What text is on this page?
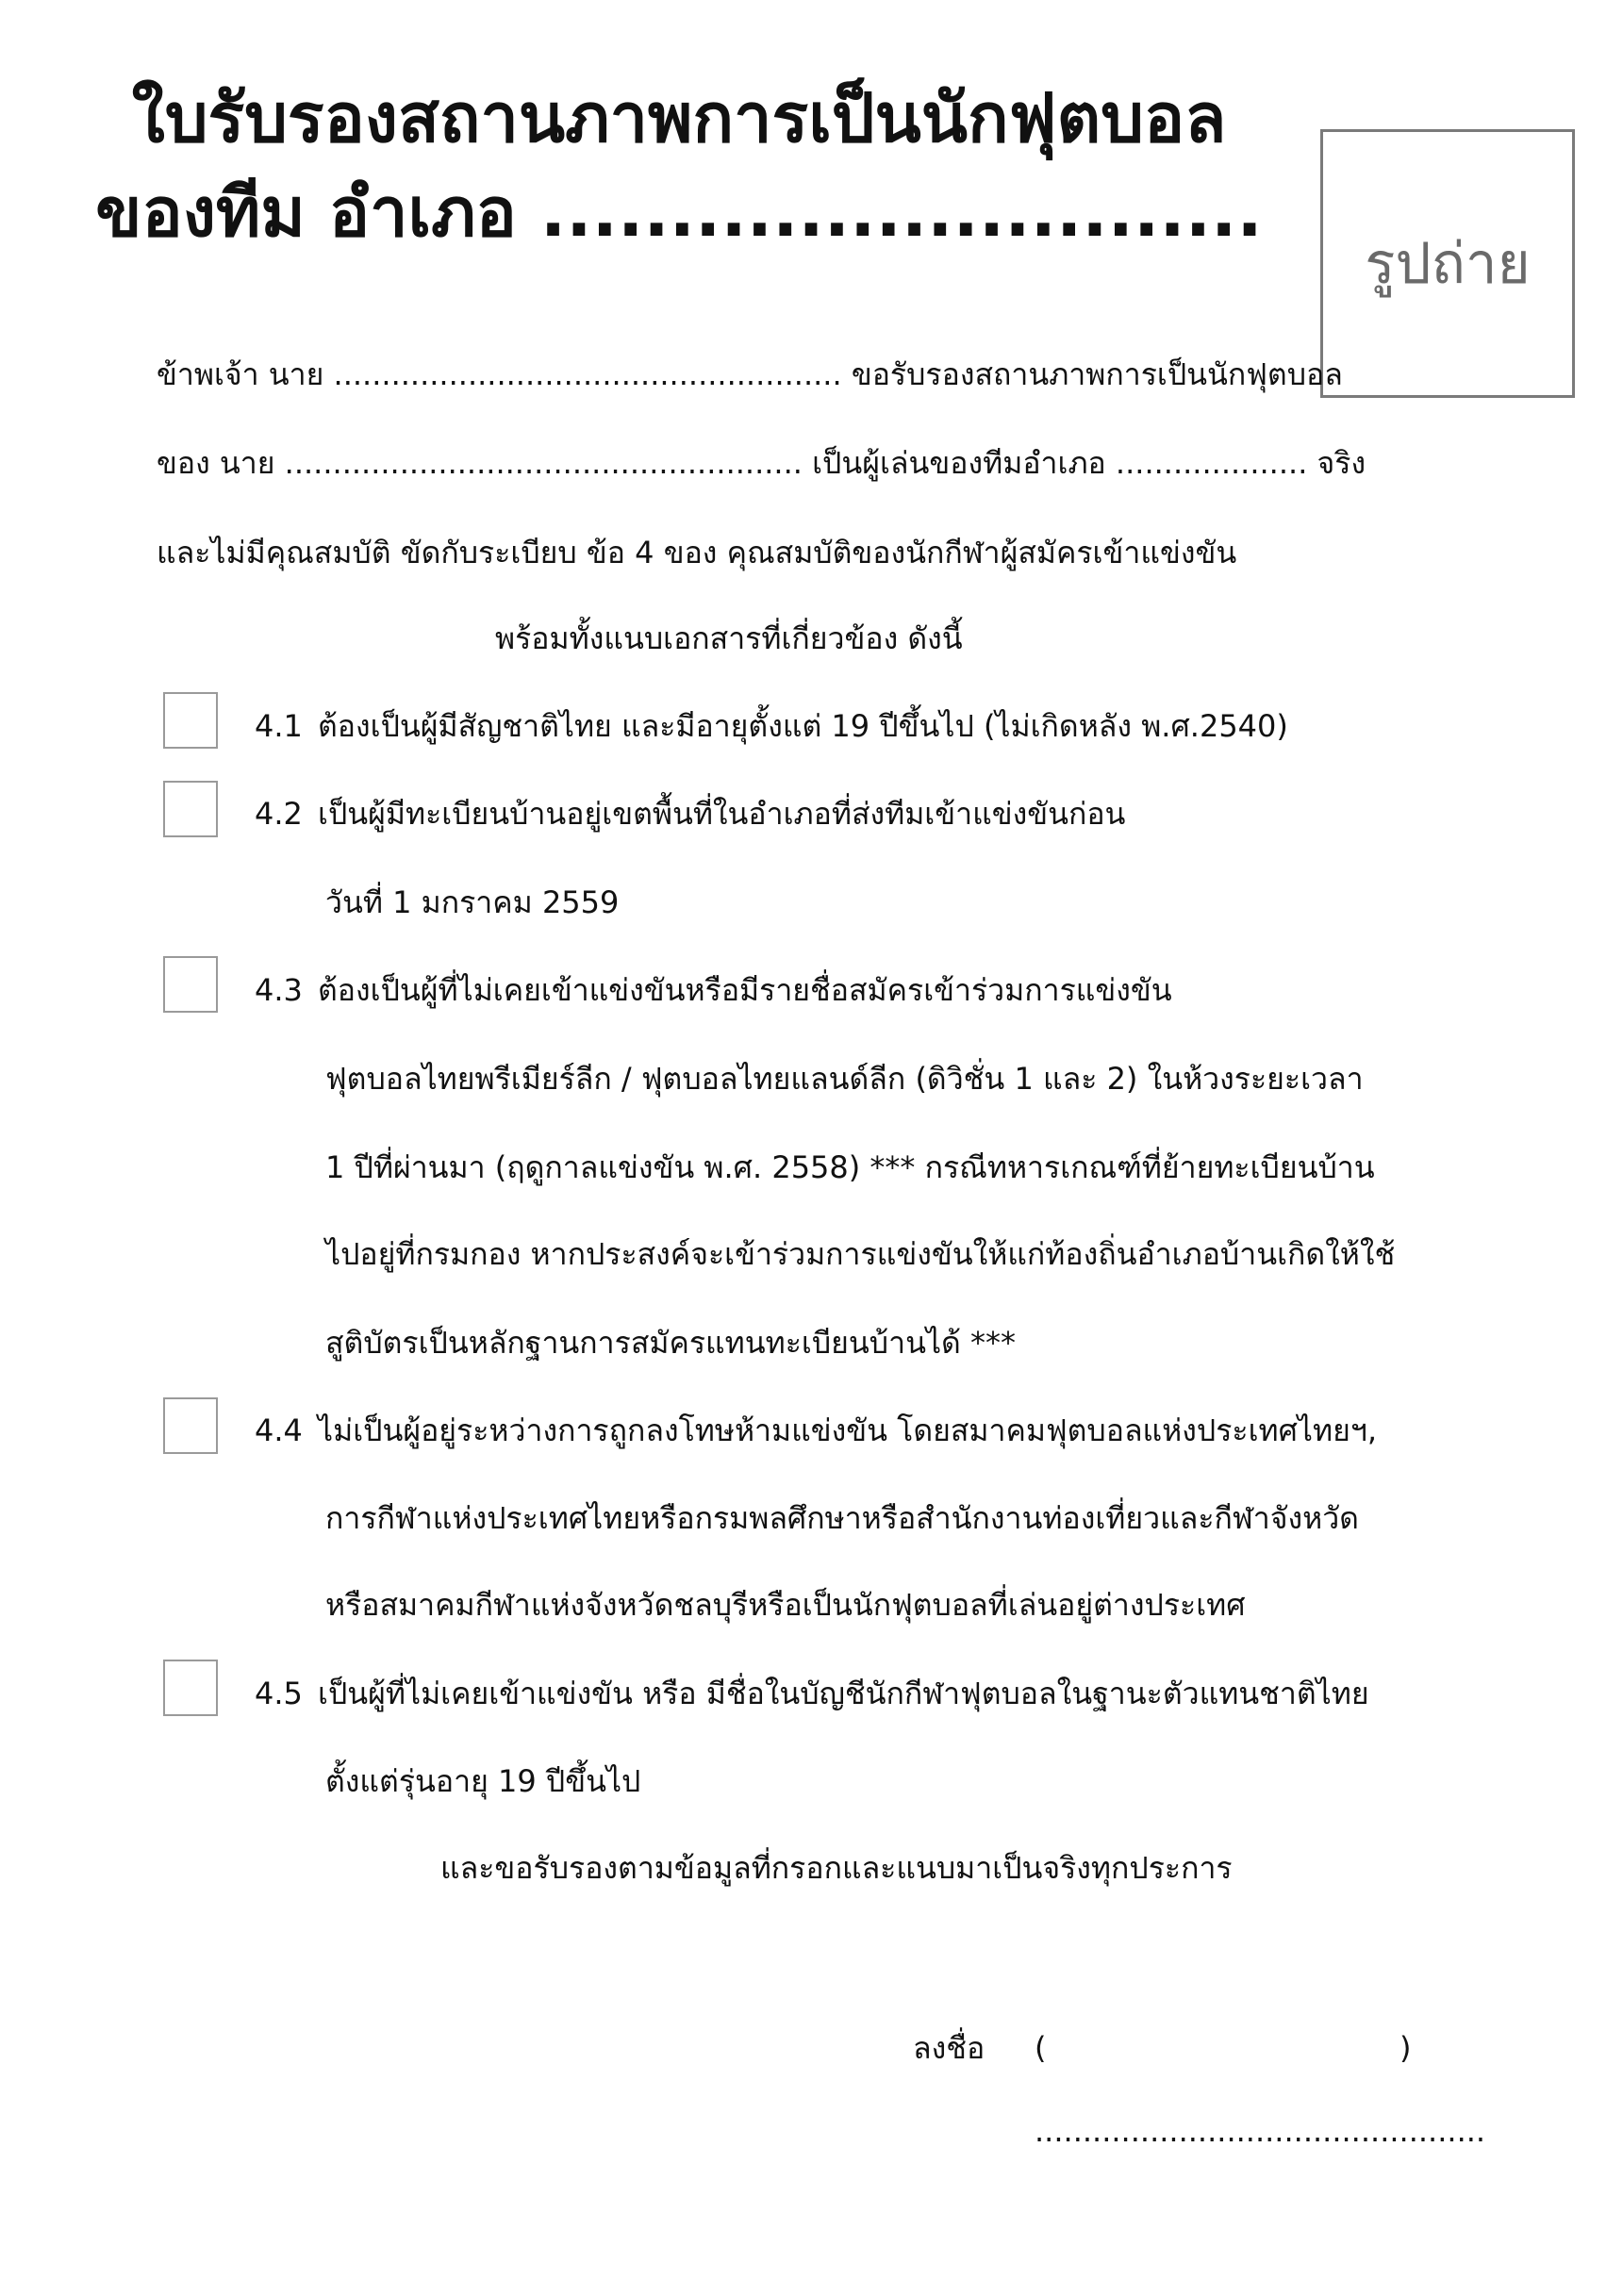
ใบรับรองสถานภาพการเป็นนักฟุตบอล
ของทีม อำเภอ ............................
รูปถ่าย
ข้าพเจ้า นาย ..................................................... ขอรับรองสถานภาพการเป็นนักฟุตบอล
ของ นาย ...................................................... เป็นผู้เล่นของทีมอำเภอ .................... จริง
และไม่มีคุณสมบัติ ขัดกับระเบียบ ข้อ 4 ของ คุณสมบัติของนักกีฬาผู้สมัครเข้าแข่งขัน
พร้อมทั้งแนบเอกสารที่เกี่ยวข้อง ดังนี้
4.1 ต้องเป็นผู้มีสัญชาติไทย และมีอายุตั้งแต่ 19 ปีขึ้นไป (ไม่เกิดหลัง พ.ศ.2540)
4.2 เป็นผู้มีทะเบียนบ้านอยู่เขตพื้นที่ในอำเภอที่ส่งทีมเข้าแข่งขันก่อน
วันที่ 1 มกราคม 2559
4.3 ต้องเป็นผู้ที่ไม่เคยเข้าแข่งขันหรือมีรายชื่อสมัครเข้าร่วมการแข่งขัน
ฟุตบอลไทยพรีเมียร์ลีก / ฟุตบอลไทยแลนด์ลีก (ดิวิชั่น 1 และ 2) ในห้วงระยะเวลา
1 ปีที่ผ่านมา (ฤดูกาลแข่งขัน พ.ศ. 2558) *** กรณีทหารเกณฑ์ที่ย้ายทะเบียนบ้าน
ไปอยู่ที่กรมกอง หากประสงค์จะเข้าร่วมการแข่งขันให้แก่ท้องถิ่นอำเภอบ้านเกิดให้ใช้
สูติบัตรเป็นหลักฐานการสมัครแทนทะเบียนบ้านได้ ***
4.4 ไม่เป็นผู้อยู่ระหว่างการถูกลงโทษห้ามแข่งขัน โดยสมาคมฟุตบอลแห่งประเทศไทยฯ,
การกีฬาแห่งประเทศไทยหรือกรมพลศึกษาหรือสำนักงานท่องเที่ยวและกีฬาจังหวัด
หรือสมาคมกีฬาแห่งจังหวัดชลบุรีหรือเป็นนักฟุตบอลที่เล่นอยู่ต่างประเทศ
4.5 เป็นผู้ที่ไม่เคยเข้าแข่งขัน หรือ มีชื่อในบัญชีนักกีฬาฟุตบอลในฐานะตัวแทนชาติไทย
ตั้งแต่รุ่นอายุ 19 ปีขึ้นไป
และขอรับรองตามข้อมูลที่กรอกและแนบมาเป็นจริงทุกประการ
ลงชื่อ (	)
...............................................
